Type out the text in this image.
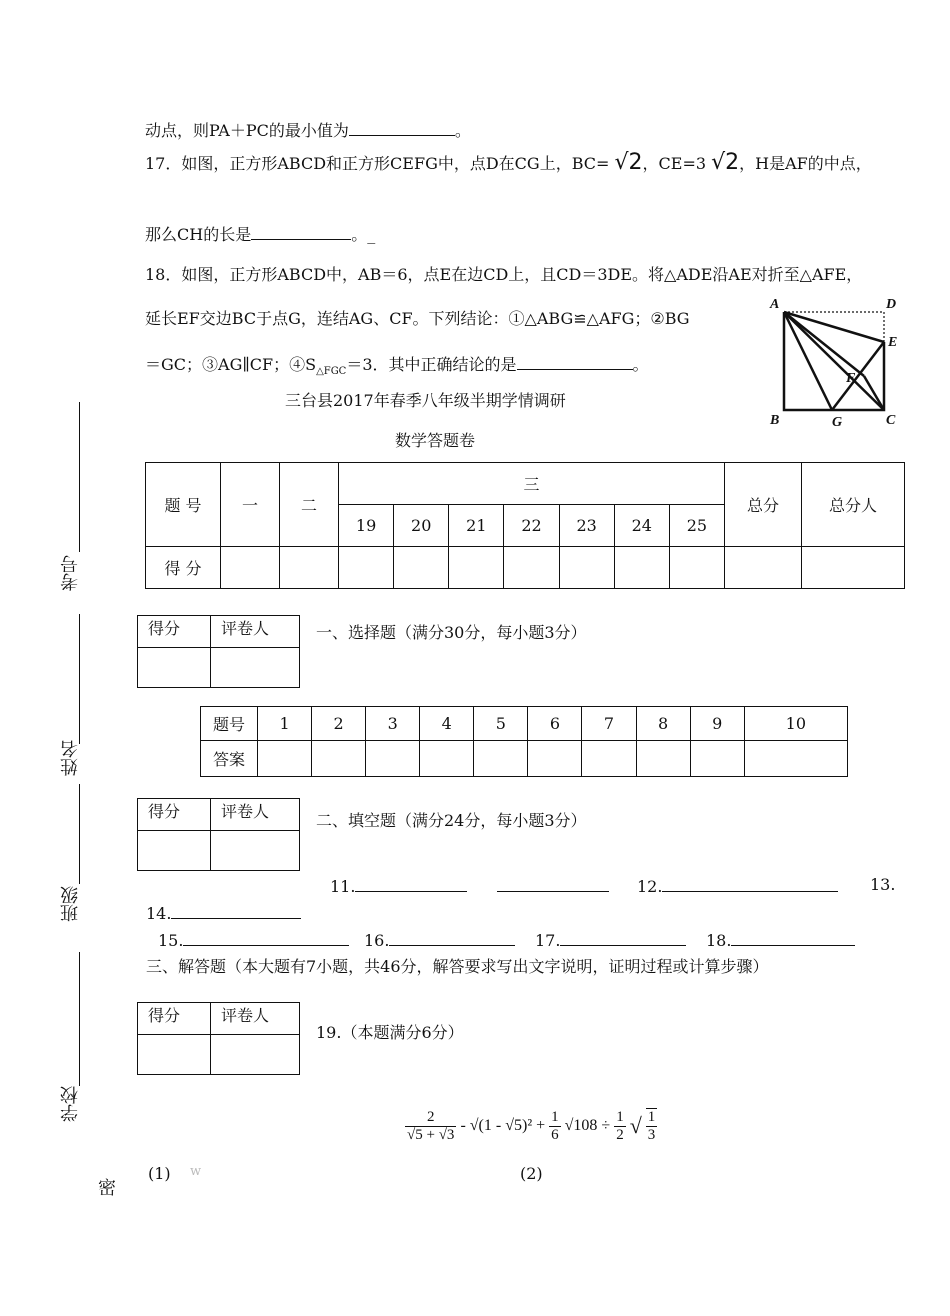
动点，则PA＋PC的最小值为	。
17．如图，正方形ABCD和正方形CEFG中，点D在CG上，BC= √2，CE=3 √2，H是AF的中点，
那么CH的长是	。_
18．如图，正方形ABCD中，AB＝6，点E在边CD上，且CD＝3DE。将△ADE沿AE对折至△AFE，
延长EF交边BC于点G，连结AG、CF。下列结论：①△ABG≌△AFG；②BG
＝GC；③AG∥CF；$④S_{\triangle FGC}=3$．其中正确结论的是	。
A	D
E
F
B	G	C
三台县2017年春季八年级半期学情调研
数学答题卷
题 号	一	二	三							总分	总分人
			19	20	21	22	23	24	25		
得 分											
得分	评卷人
		一、选择题（满分30分，每小题3分）
题号	1	2	3	4	5	6	7	8	9	10
答案										
得分	评卷人
		二、填空题（满分24分，每小题3分）
11.	12.	13.
14.
15.	16.	17.	18.
三、解答题（本大题有7小题，共46分，解答要求写出文字说明，证明过程或计算步骤）
得分	评卷人

19.（本题满分6分）
$\frac{2}{√5 + √3} - √(1 - √5)^2 + \frac{1}{6} √108 \div \frac{1}{2}$ √ $\frac{1}{3}$
(1) w	(2)
考号
姓名
班级
学校
密
